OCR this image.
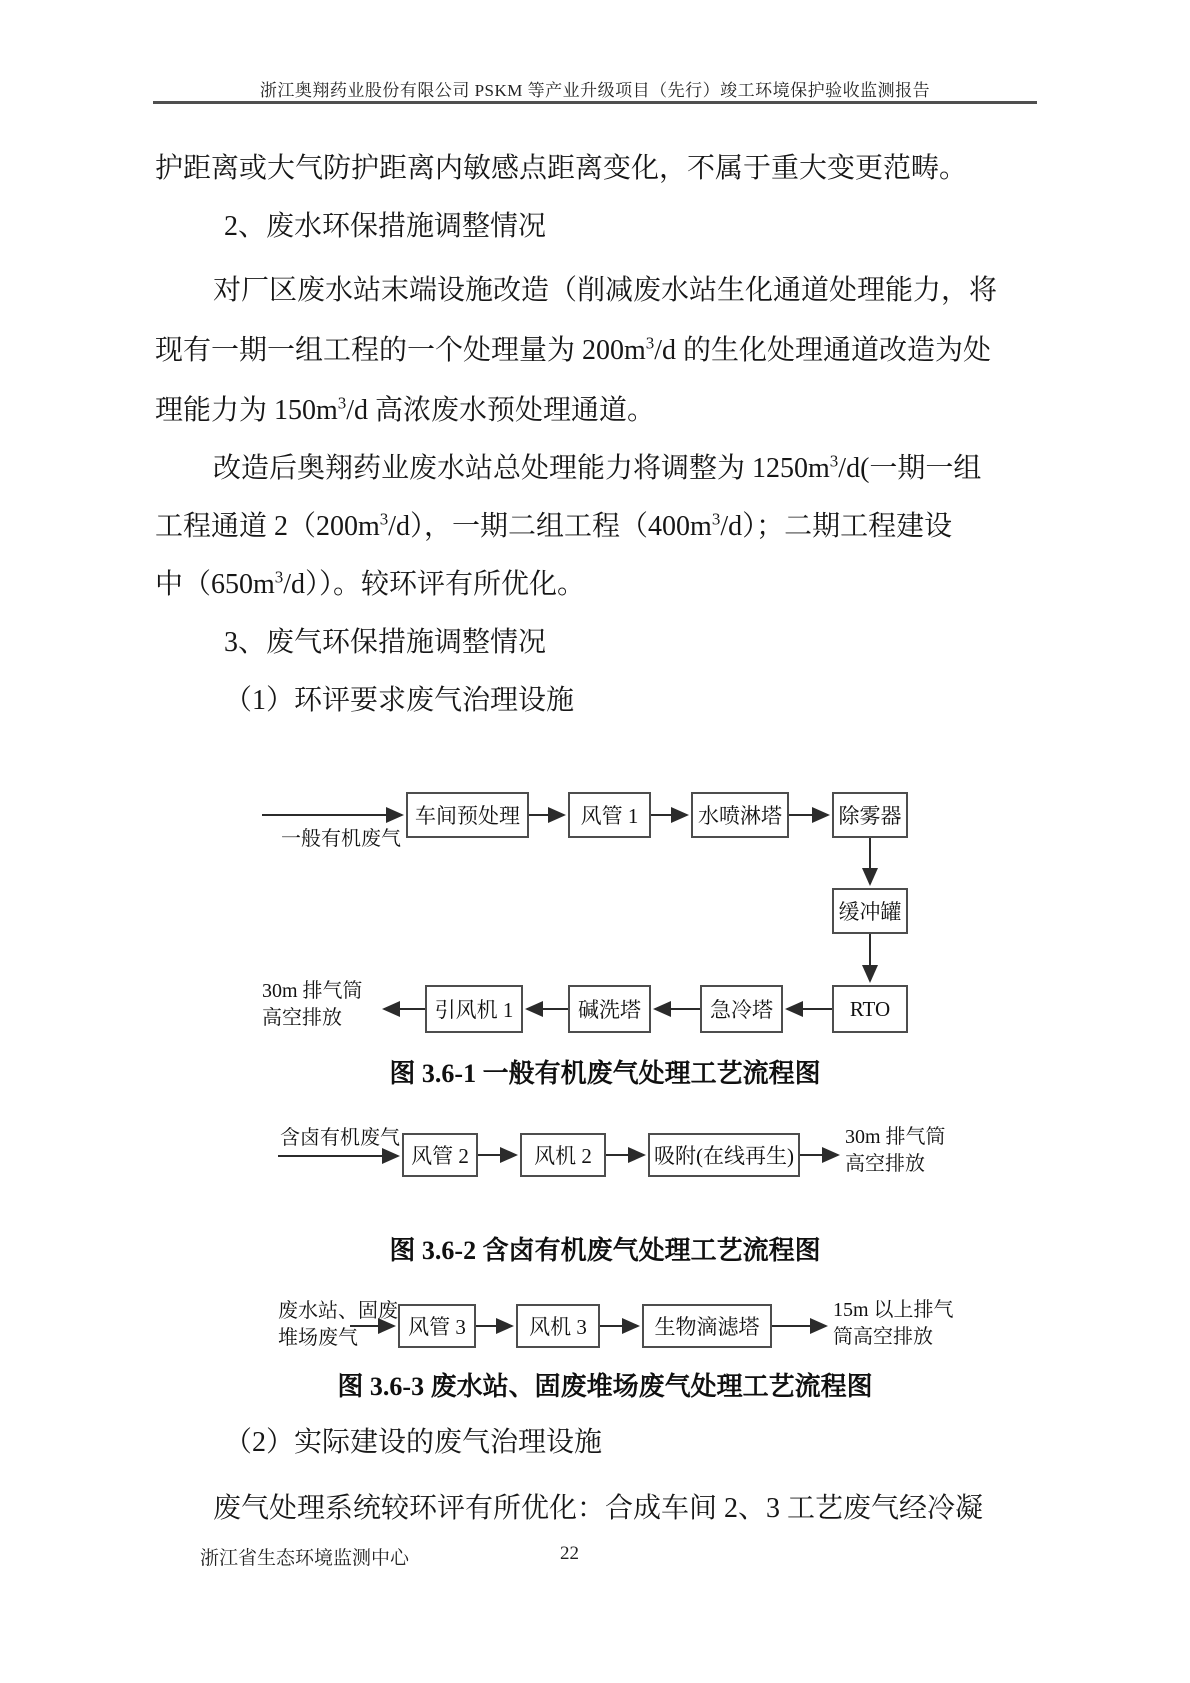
浙江奥翔药业股份有限公司 PSKM 等产业升级项目（先行）竣工环境保护验收监测报告
护距离或大气防护距离内敏感点距离变化，不属于重大变更范畴。
2、废水环保措施调整情况
对厂区废水站末端设施改造（削减废水站生化通道处理能力，将
现有一期一组工程的一个处理量为 $200m^3/d$ 的生化处理通道改造为处
理能力为 $150m^3/d$ 高浓废水预处理通道。
改造后奥翔药业废水站总处理能力将调整为 $1250m^3/d$(一期一组
工程通道 $2(200m^3/d)$，一期二组工程$(400m^3/d)$；二期工程建设
中$(650m^3/d)$）。较环评有所优化。
3、废气环保措施调整情况
（1）环评要求废气治理设施
一般有机废气
车间预处理	风管 1	水喷淋塔	除雾器
缓冲罐
RTO
急冷塔
碱洗塔
引风机 1
30m 排气筒
高空排放
图 3.6-1 一般有机废气处理工艺流程图
含卤有机废气
风管 2	风机 2	吸附(在线再生)
30m 排气筒
高空排放
图 3.6-2 含卤有机废气处理工艺流程图
废水站、固废
堆场废气	风管 3	风机 3	生物滴滤塔
15m 以上排气
筒高空排放
图 3.6-3 废水站、固废堆场废气处理工艺流程图
（2）实际建设的废气治理设施
废气处理系统较环评有所优化：合成车间 2、3 工艺废气经冷凝
浙江省生态环境监测中心	22
